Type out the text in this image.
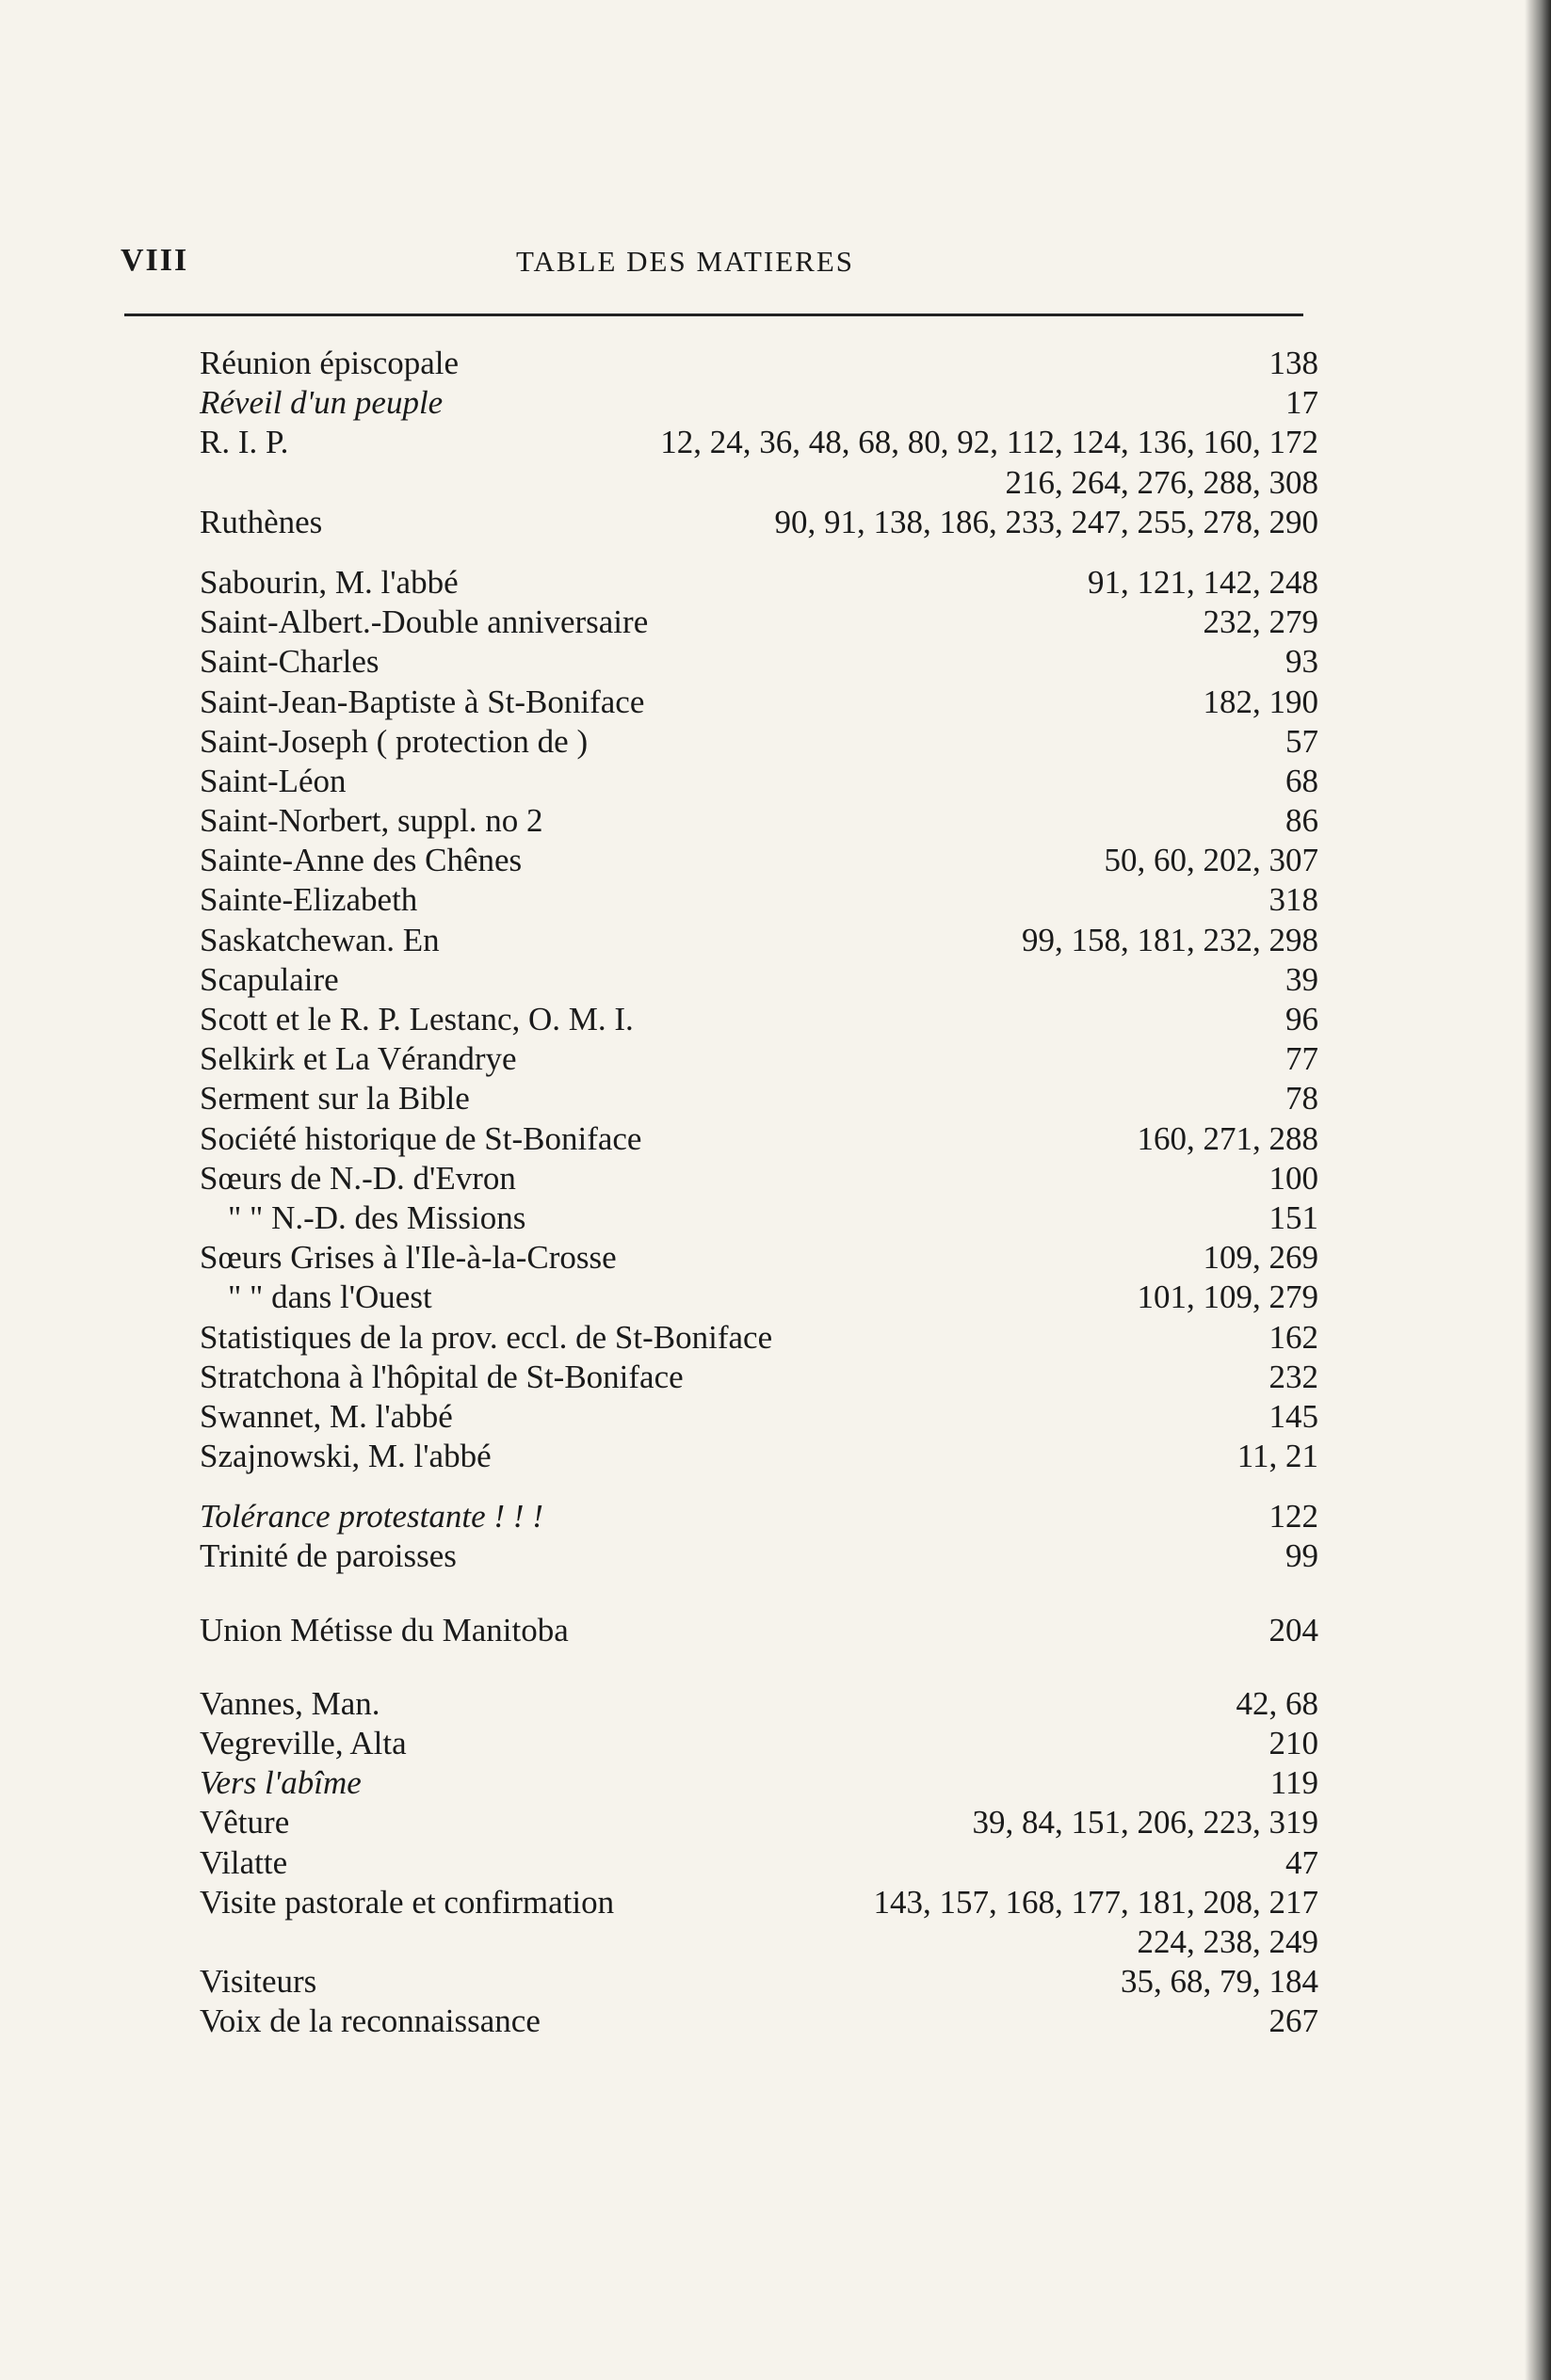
VIII	TABLE DES MATIERES
Réunion épiscopale	138
Réveil d'un peuple	17
R. I. P.	12, 24, 36, 48, 68, 80, 92, 112, 124, 136, 160, 172
216, 264, 276, 288, 308
Ruthènes	90, 91, 138, 186, 233, 247, 255, 278, 290
Sabourin, M. l'abbé	91, 121, 142, 248
Saint-Albert.-Double anniversaire	232, 279
Saint-Charles	93
Saint-Jean-Baptiste à St-Boniface	182, 190
Saint-Joseph ( protection de )	57
Saint-Léon	68
Saint-Norbert, suppl. no 2	86
Sainte-Anne des Chênes	50, 60, 202, 307
Sainte-Elizabeth	318
Saskatchewan. En	99, 158, 181, 232, 298
Scapulaire	39
Scott et le R. P. Lestanc, O. M. I.	96
Selkirk et La Vérandrye	77
Serment sur la Bible	78
Société historique de St-Boniface	160, 271, 288
Sœurs de N.-D. d'Evron	100
" " N.-D. des Missions	151
Sœurs Grises à l'Ile-à-la-Crosse	109, 269
" " dans l'Ouest	101, 109, 279
Statistiques de la prov. eccl. de St-Boniface	162
Stratchona à l'hôpital de St-Boniface	232
Swannet, M. l'abbé	145
Szajnowski, M. l'abbé	11, 21
Tolérance protestante ! ! !	122
Trinité de paroisses	99
Union Métisse du Manitoba	204
Vannes, Man.	42, 68
Vegreville, Alta	210
Vers l'abîme	119
Vêture	39, 84, 151, 206, 223, 319
Vilatte	47
Visite pastorale et confirmation	143, 157, 168, 177, 181, 208, 217
224, 238, 249
Visiteurs	35, 68, 79, 184
Voix de la reconnaissance	267
